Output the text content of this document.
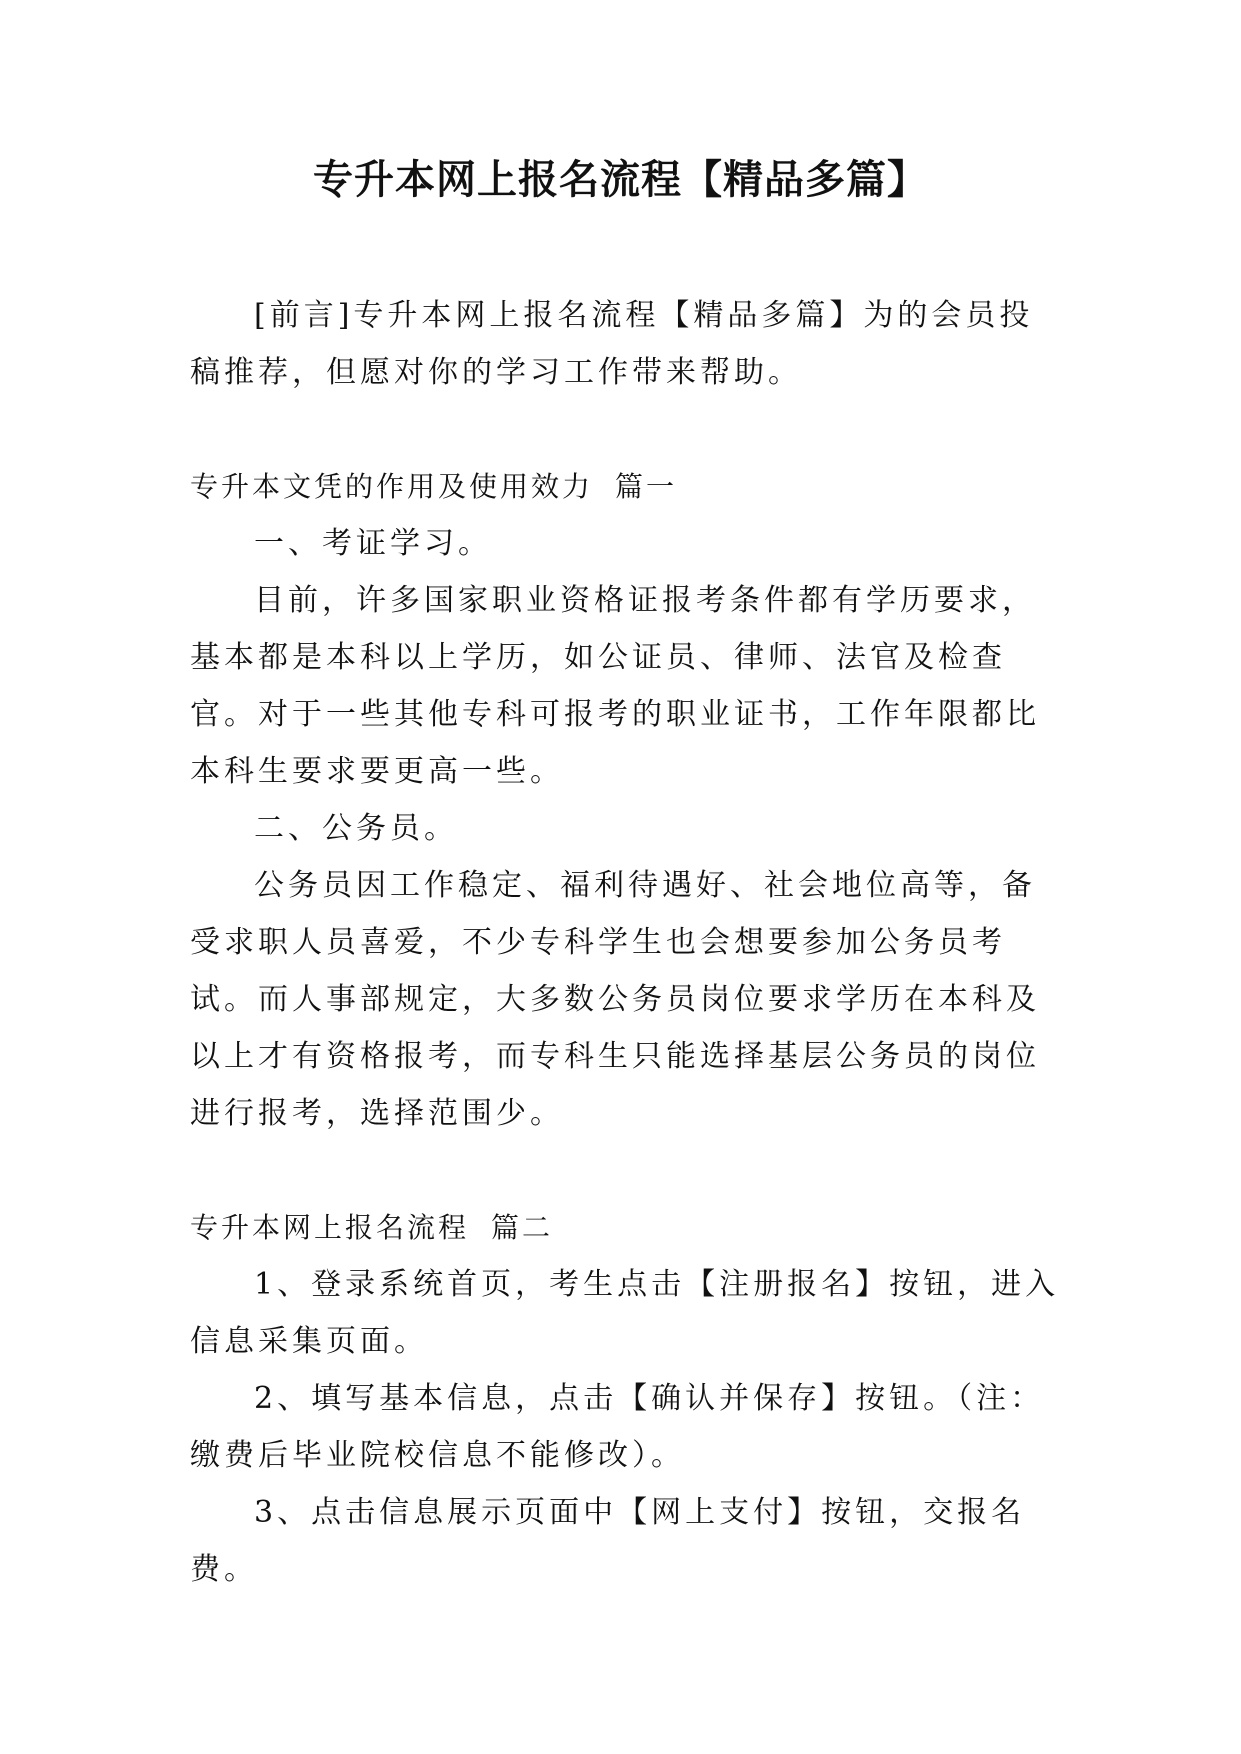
专升本网上报名流程【精品多篇】

[前言]专升本网上报名流程【精品多篇】为的会员投稿推荐，但愿对你的学习工作带来帮助。

专升本文凭的作用及使用效力 篇一

一、考证学习。

目前，许多国家职业资格证报考条件都有学历要求，基本都是本科以上学历，如公证员、律师、法官及检查官。对于一些其他专科可报考的职业证书，工作年限都比本科生要求要更高一些。

二、公务员。

公务员因工作稳定、福利待遇好、社会地位高等，备受求职人员喜爱，不少专科学生也会想要参加公务员考试。而人事部规定，大多数公务员岗位要求学历在本科及以上才有资格报考，而专科生只能选择基层公务员的岗位进行报考，选择范围少。

专升本网上报名流程 篇二

1、登录系统首页，考生点击【注册报名】按钮，进入信息采集页面。

2、填写基本信息，点击【确认并保存】按钮。（注：缴费后毕业院校信息不能修改）。

3、点击信息展示页面中【网上支付】按钮，交报名费。
